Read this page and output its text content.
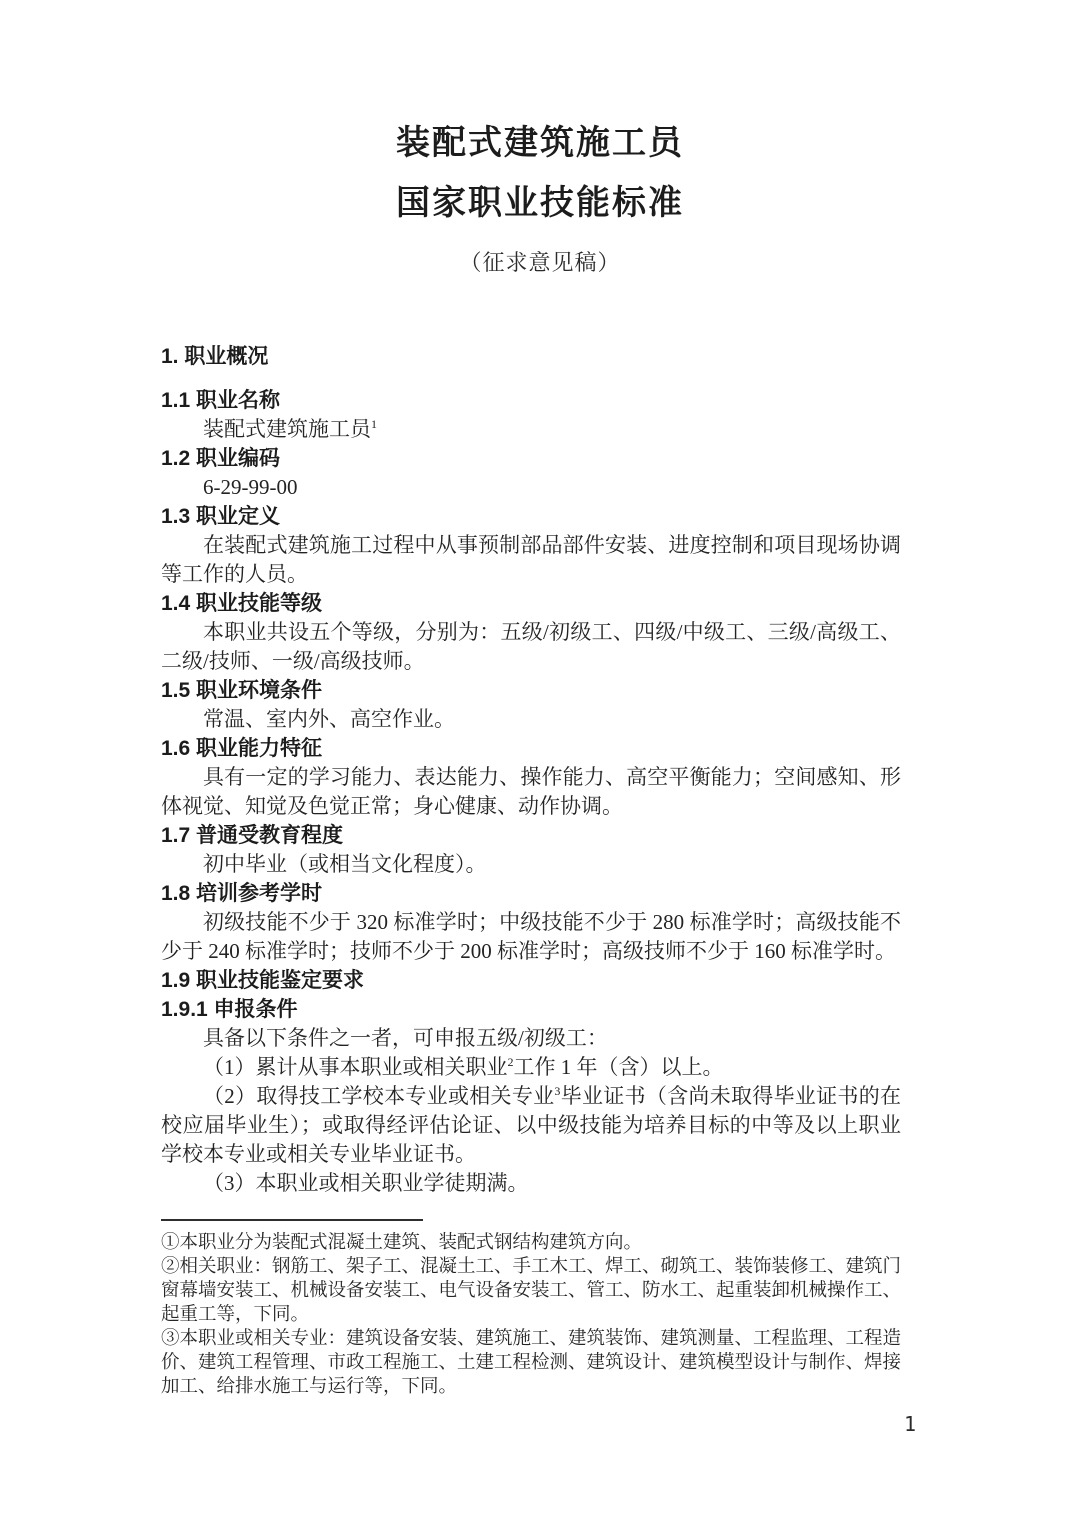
装配式建筑施工员
国家职业技能标准
（征求意见稿）
1. 职业概况
1.1 职业名称

装配式建筑施工员$^1$

1.2 职业编码

6-29-99-00

1.3 职业定义

在装配式建筑施工过程中从事预制部品部件安装、进度控制和项目现场协调等工作的人员。

1.4 职业技能等级

本职业共设五个等级，分别为：五级/初级工、四级/中级工、三级/高级工、二级/技师、一级/高级技师。

1.5 职业环境条件

常温、室内外、高空作业。

1.6 职业能力特征

具有一定的学习能力、表达能力、操作能力、高空平衡能力；空间感知、形体视觉、知觉及色觉正常；身心健康、动作协调。

1.7 普通受教育程度

初中毕业（或相当文化程度）。

1.8 培训参考学时

初级技能不少于 320 标准学时；中级技能不少于 280 标准学时；高级技能不少于 240 标准学时；技师不少于 200 标准学时；高级技师不少于 160 标准学时。

1.9 职业技能鉴定要求
1.9.1 申报条件

具备以下条件之一者，可申报五级/初级工：

（1）累计从事本职业或相关职业$^2$工作 1 年（含）以上。

（2）取得技工学校本专业或相关专业$^3$毕业证书（含尚未取得毕业证书的在校应届毕业生）；或取得经评估论证、以中级技能为培养目标的中等及以上职业学校本专业或相关专业毕业证书。

（3）本职业或相关职业学徒期满。

①本职业分为装配式混凝土建筑、装配式钢结构建筑方向。

②相关职业：钢筋工、架子工、混凝土工、手工木工、焊工、砌筑工、装饰装修工、建筑门窗幕墙安装工、机械设备安装工、电气设备安装工、管工、防水工、起重装卸机械操作工、起重工等，下同。

③本职业或相关专业：建筑设备安装、建筑施工、建筑装饰、建筑测量、工程监理、工程造价、建筑工程管理、市政工程施工、土建工程检测、建筑设计、建筑模型设计与制作、焊接加工、给排水施工与运行等，下同。

1
